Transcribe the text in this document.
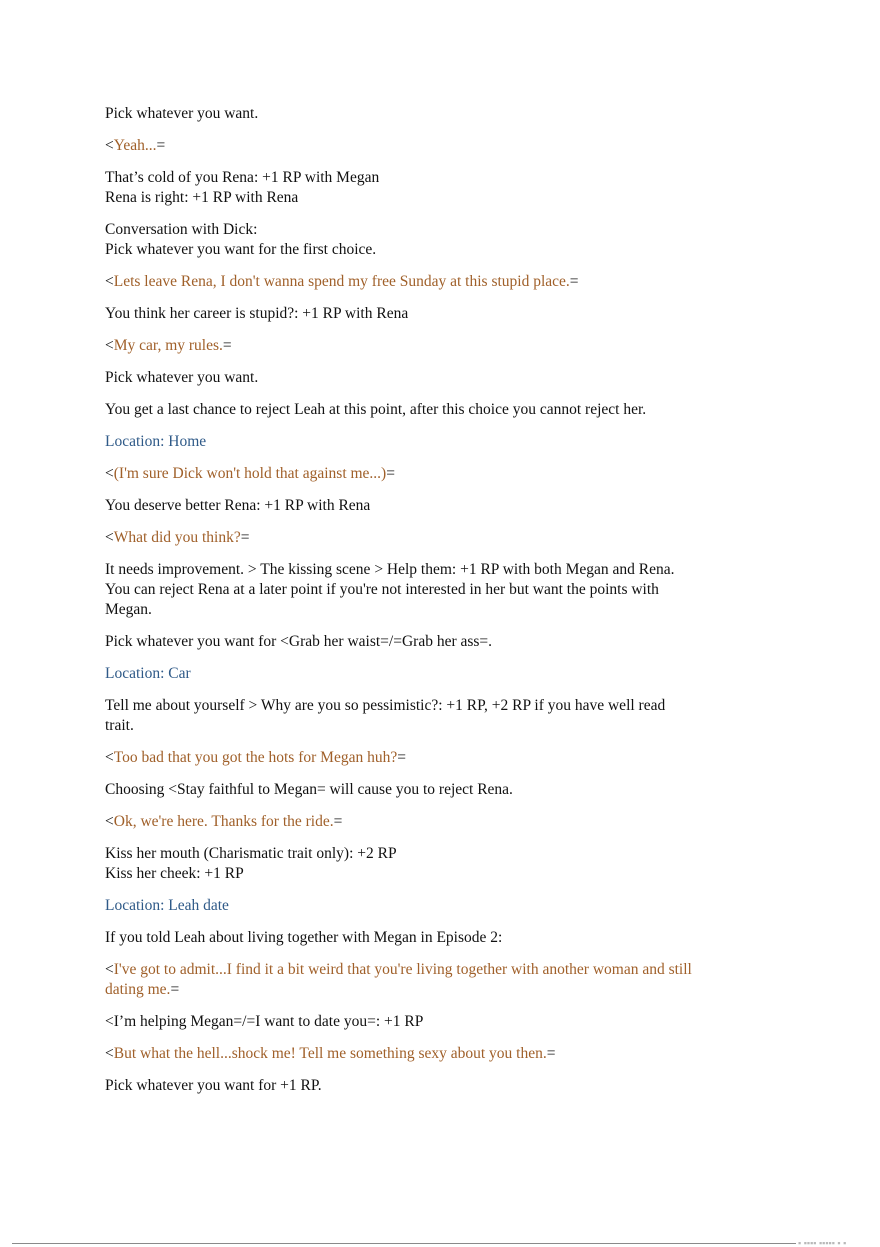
Pick whatever you want.

<Yeah...=

That’s cold of you Rena: +1 RP with Megan
Rena is right: +1 RP with Rena

Conversation with Dick:
Pick whatever you want for the first choice.

<Lets leave Rena, I don't wanna spend my free Sunday at this stupid place.=

You think her career is stupid?: +1 RP with Rena

<My car, my rules.=

Pick whatever you want.

You get a last chance to reject Leah at this point, after this choice you cannot reject her.

Location: Home

<(I'm sure Dick won't hold that against me...)=

You deserve better Rena: +1 RP with Rena

<What did you think?=

It needs improvement. > The kissing scene > Help them: +1 RP with both Megan and Rena.
You can reject Rena at a later point if you're not interested in her but want the points with
Megan.

Pick whatever you want for <Grab her waist=/=Grab her ass=.

Location: Car

Tell me about yourself > Why are you so pessimistic?: +1 RP, +2 RP if you have well read
trait.

<Too bad that you got the hots for Megan huh?=

Choosing <Stay faithful to Megan= will cause you to reject Rena.

<Ok, we're here. Thanks for the ride.=

Kiss her mouth (Charismatic trait only): +2 RP
Kiss her cheek: +1 RP

Location: Leah date

If you told Leah about living together with Megan in Episode 2:

<I've got to admit...I find it a bit weird that you're living together with another woman and still
dating me.=

<I’m helping Megan=/=I want to date you=: +1 RP

<But what the hell...shock me! Tell me something sexy about you then.=

Pick whatever you want for +1 RP.

▪ ▪▪▪▪ ▪▪▪▪▪ ▪ ▪
